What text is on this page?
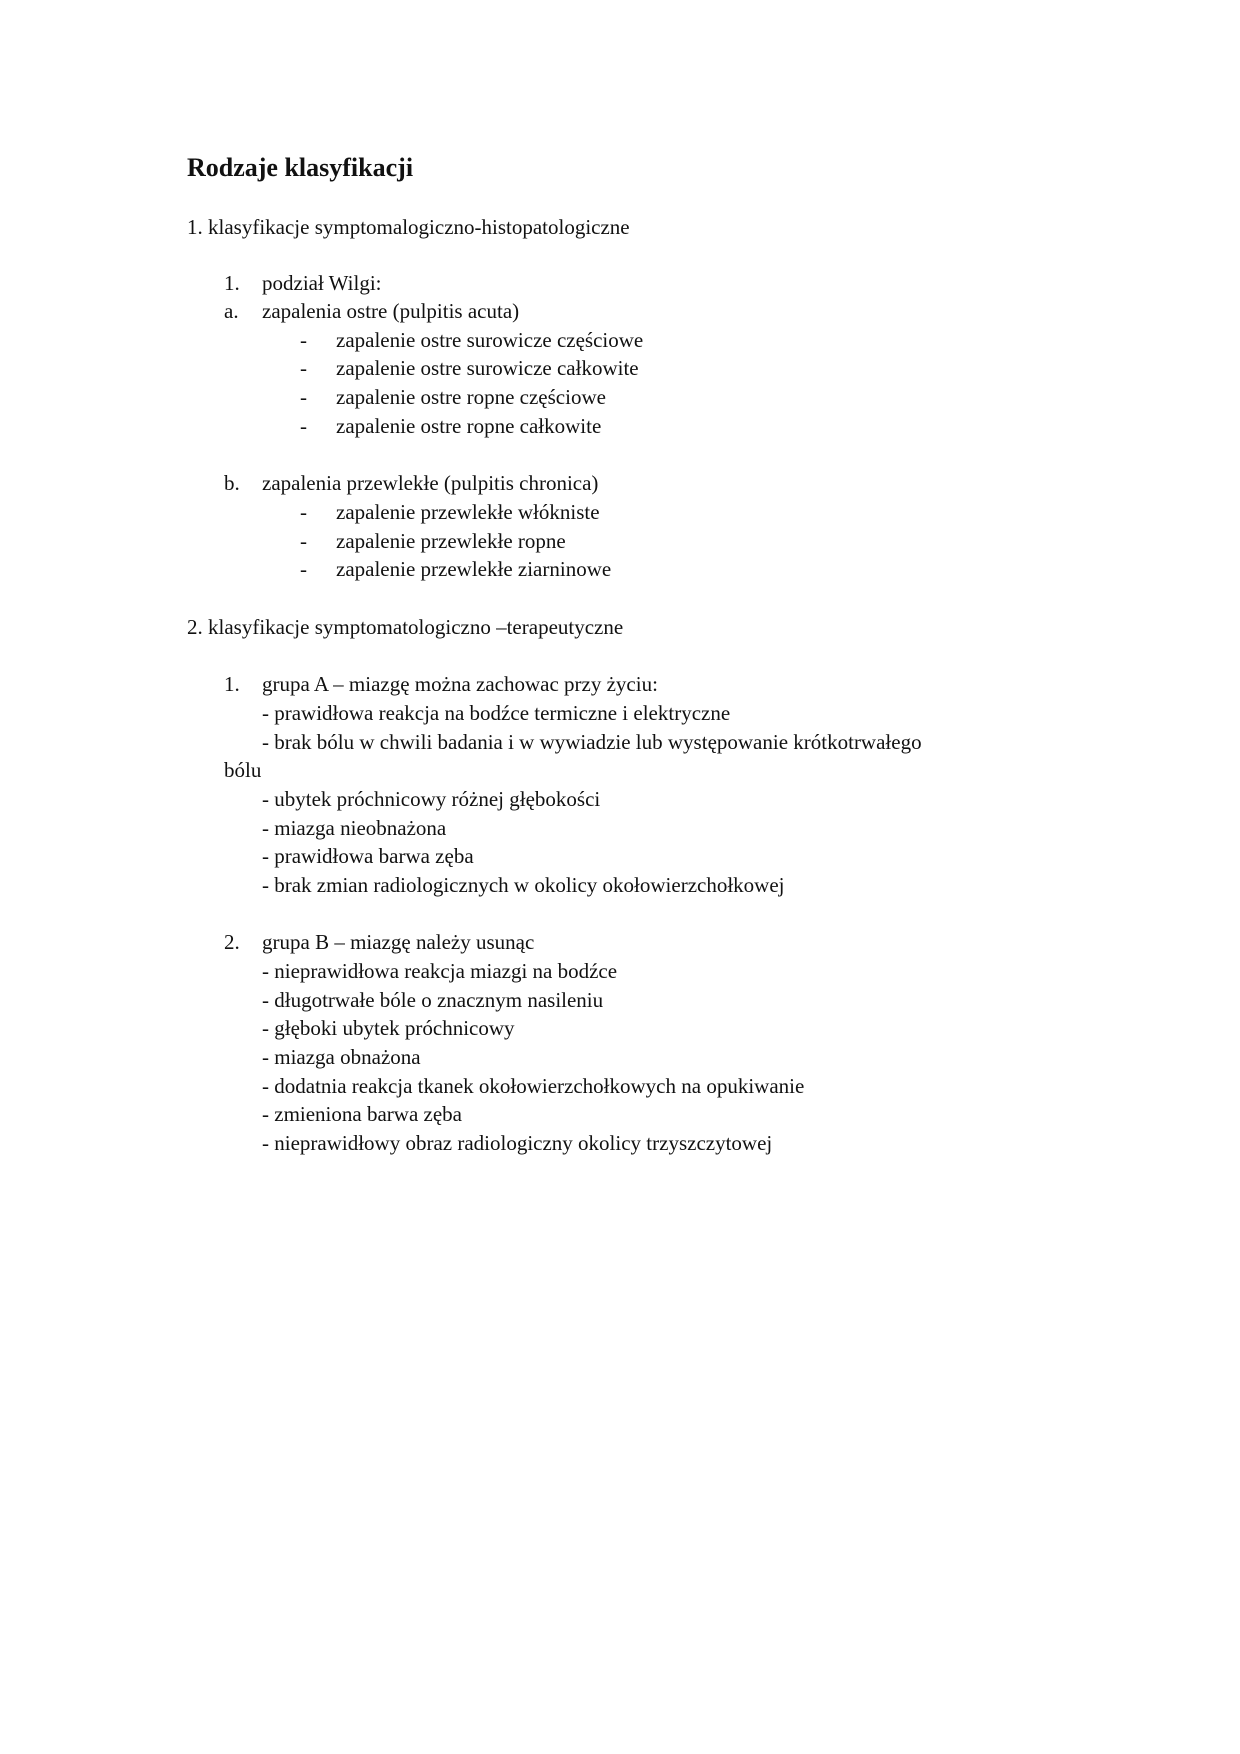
Rodzaje klasyfikacji
1. klasyfikacje symptomalogiczno-histopatologiczne
1. podział Wilgi:
a. zapalenia ostre (pulpitis acuta)
- zapalenie ostre surowicze częściowe
- zapalenie ostre surowicze całkowite
- zapalenie ostre ropne częściowe
- zapalenie ostre ropne całkowite
b. zapalenia przewlekłe (pulpitis chronica)
- zapalenie przewlekłe włókniste
- zapalenie przewlekłe ropne
- zapalenie przewlekłe ziarninowe
2. klasyfikacje symptomatologiczno –terapeutyczne
1. grupa A – miazgę można zachowac przy życiu:
- prawidłowa reakcja na bodźce termiczne i elektryczne
- brak bólu w chwili badania i w wywiadzie lub występowanie krótkotrwałego
bólu
- ubytek próchnicowy różnej głębokości
- miazga nieobnażona
- prawidłowa barwa zęba
- brak zmian radiologicznych w okolicy okołowierzchołkowej
2. grupa B – miazgę należy usunąc
- nieprawidłowa reakcja miazgi na bodźce
- długotrwałe bóle o znacznym nasileniu
- głęboki ubytek próchnicowy
- miazga obnażona
- dodatnia reakcja tkanek okołowierzchołkowych na opukiwanie
- zmieniona barwa zęba
- nieprawidłowy obraz radiologiczny okolicy trzyszczytowej
